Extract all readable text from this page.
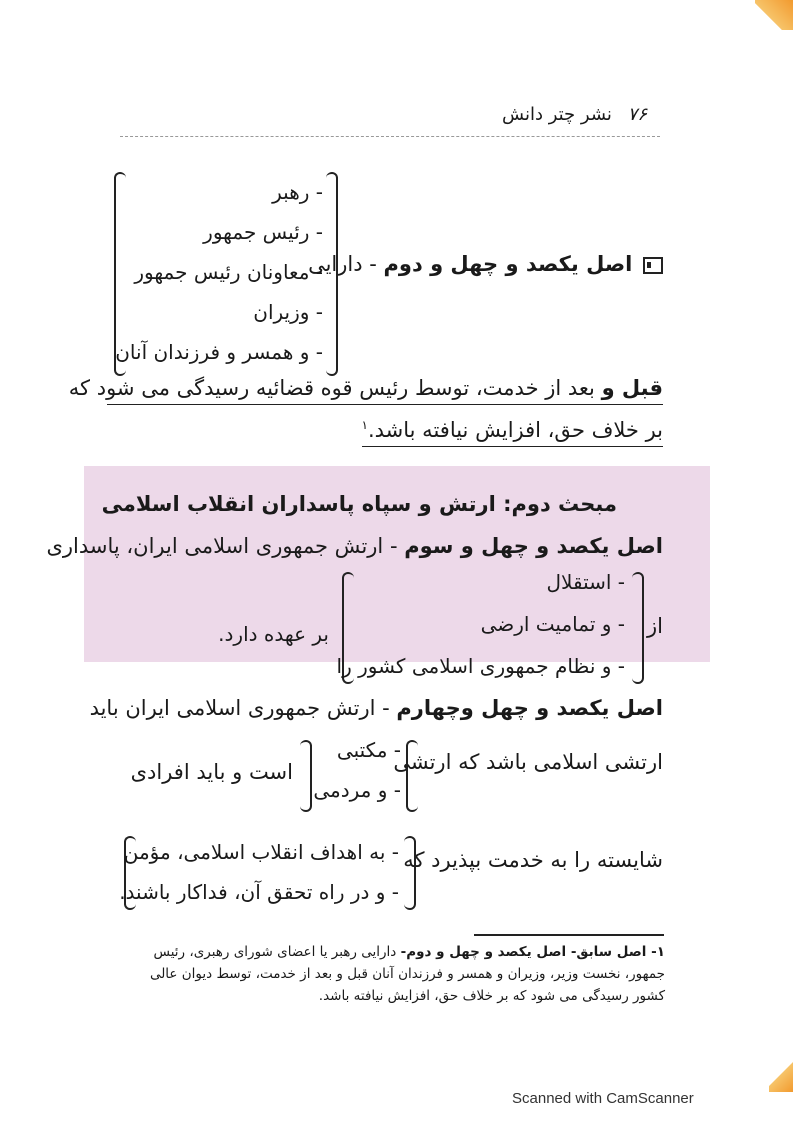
۷۶ نشر چتر دانش
اصل یکصد و چهل و دوم - دارایی
- رهبر
- رئیس جمهور
- معاونان رئیس جمهور
- وزیران
- و همسر و فرزندان آنان
قبل و بعد از خدمت، توسط رئیس قوه قضائیه رسیدگی می شود که
بر خلاف حق، افزایش نیافته باشد.$^۱$
مبحث دوم: ارتش و سپاه پاسداران انقلاب اسلامی
اصل یکصد و چهل و سوم - ارتش جمهوری اسلامی ایران، پاسداری
از
- استقلال
- و تمامیت ارضی
- و نظام جمهوری اسلامی کشور را
بر عهده دارد.
اصل یکصد و چهل وچهارم - ارتش جمهوری اسلامی ایران باید
ارتشی اسلامی باشد که ارتشی
- مکتبی
- و مردمی
است و باید افرادی
شایسته را به خدمت بپذیرد که
- به اهداف انقلاب اسلامی، مؤمن
- و در راه تحقق آن، فداکار باشند.
۱- اصل سابق- اصل یکصد و چهل و دوم- دارایی رهبر یا اعضای شورای رهبری، رئیس
جمهور، نخست وزیر، وزیران و همسر و فرزندان آنان قبل و بعد از خدمت، توسط دیوان عالی
کشور رسیدگی می شود که بر خلاف حق، افزایش نیافته باشد.
Scanned with CamScanner
